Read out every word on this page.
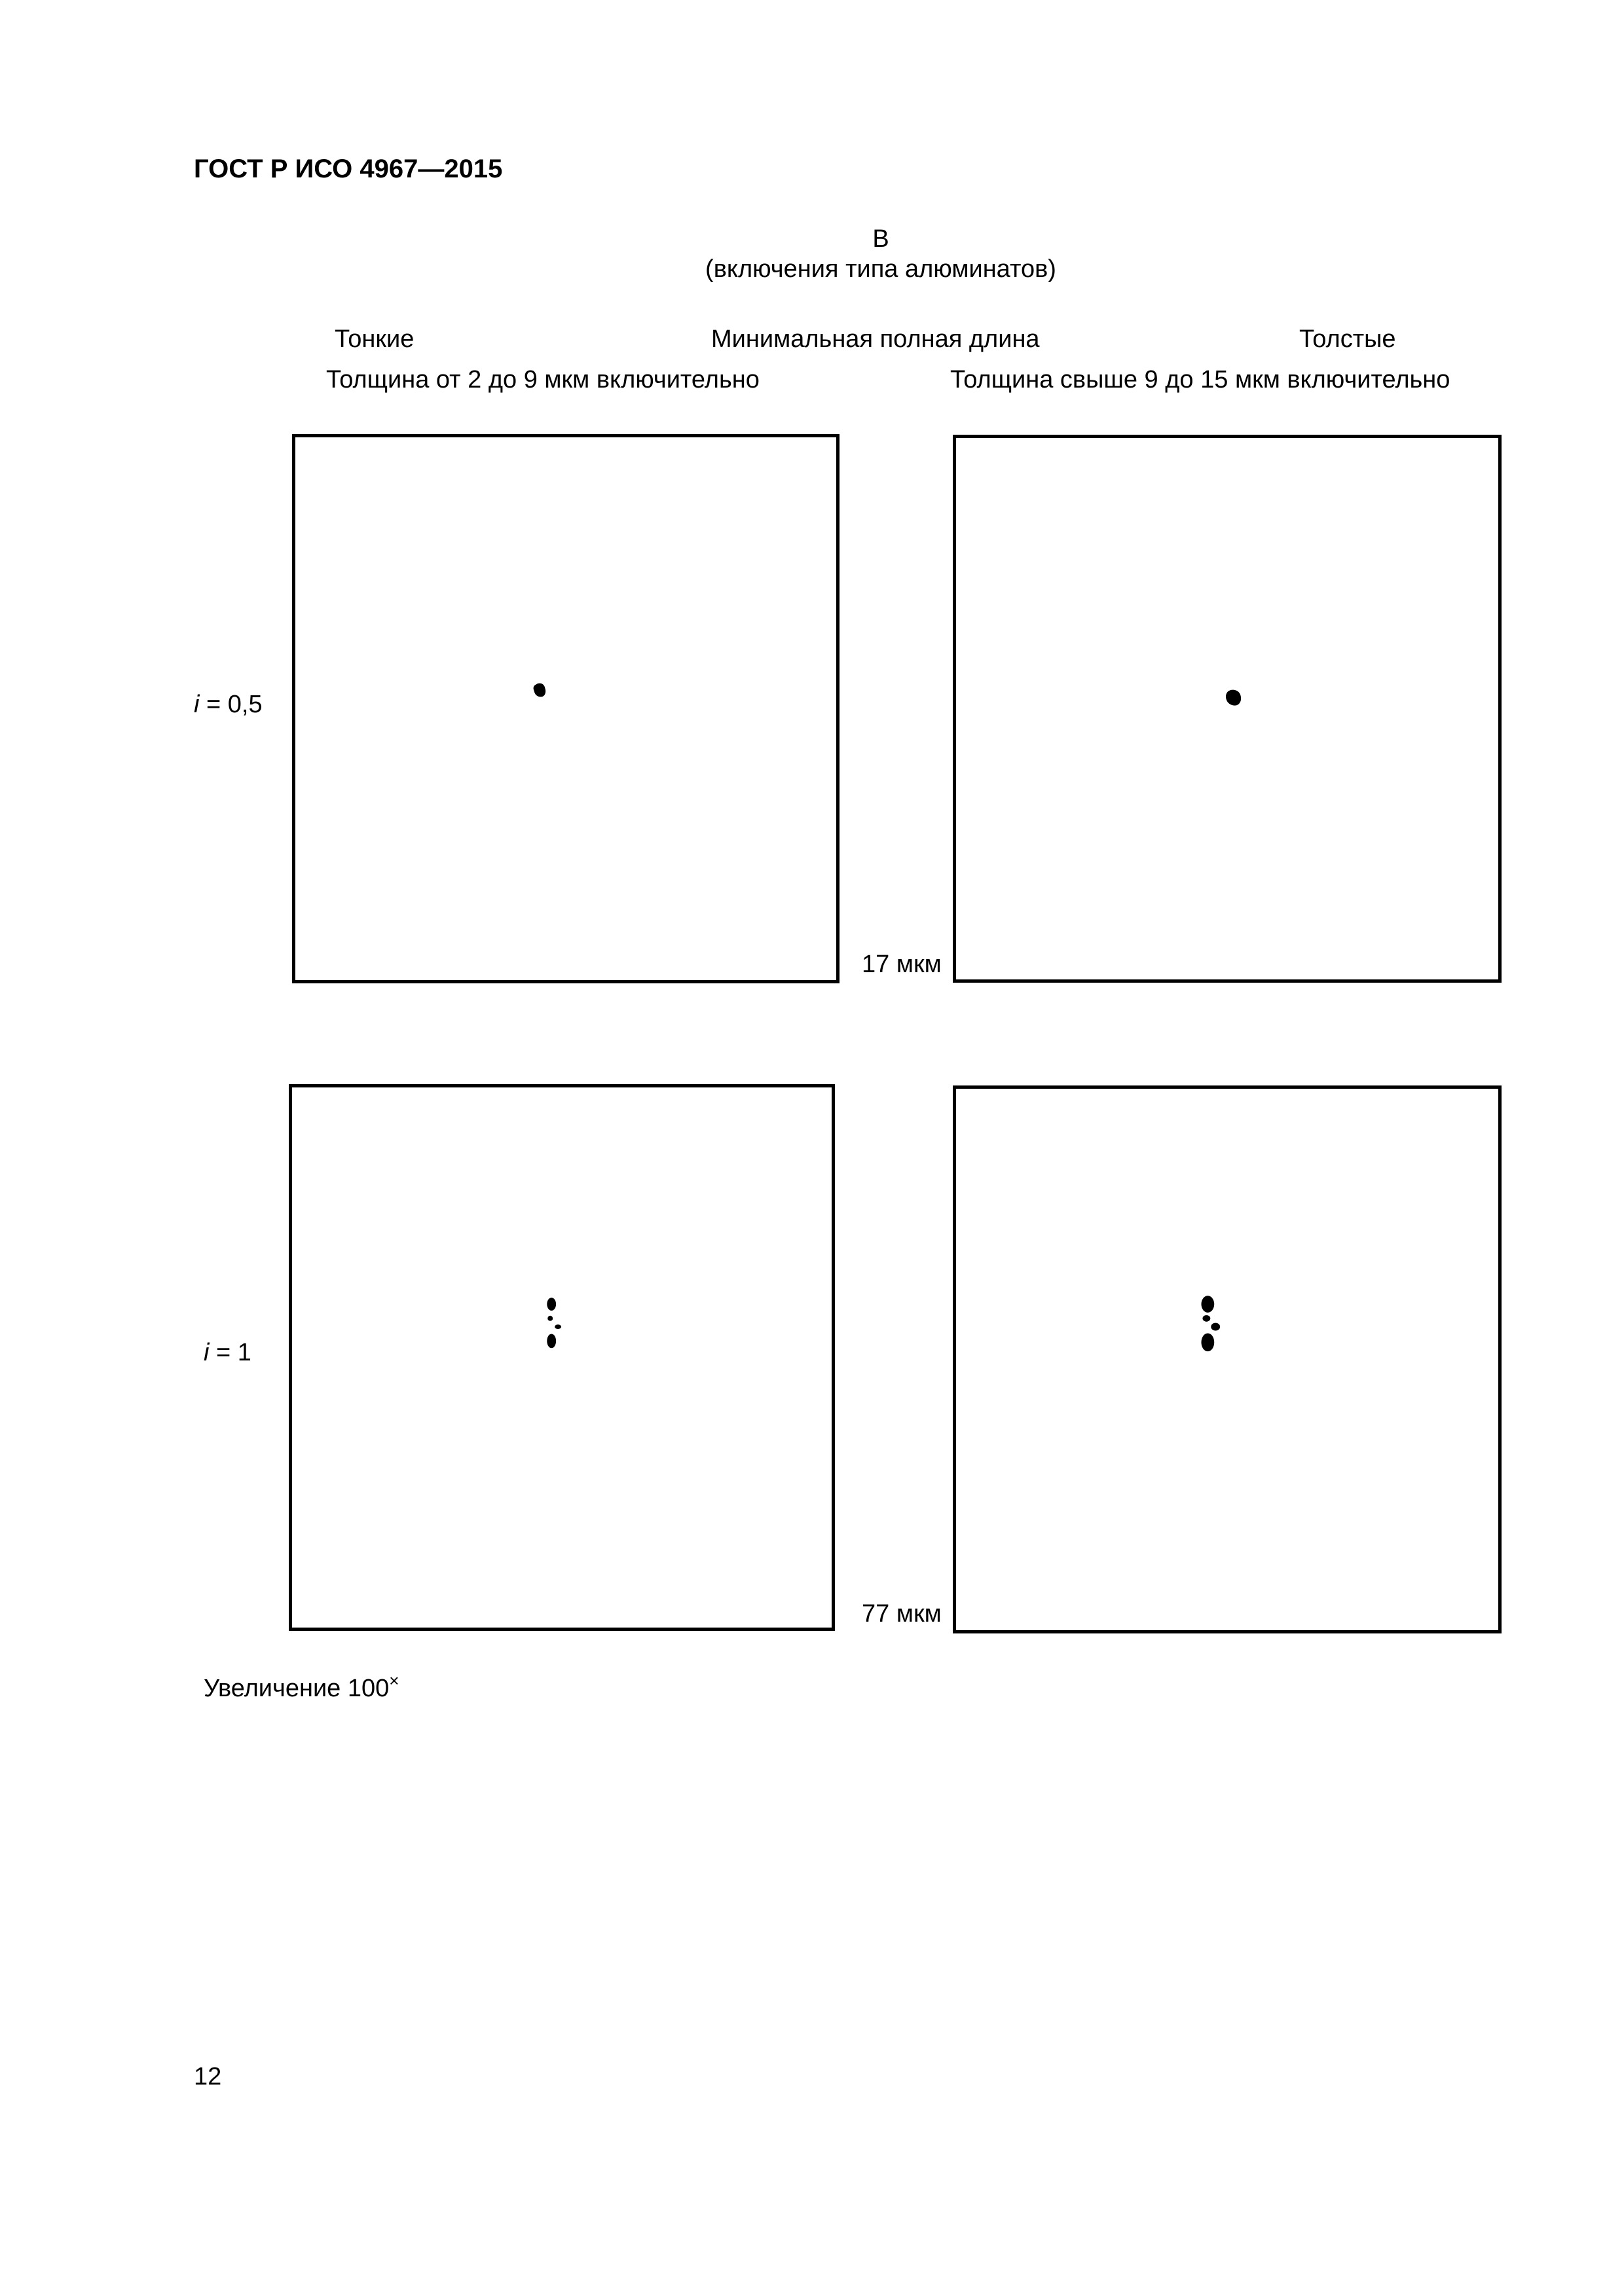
ГОСТ Р ИСО 4967—2015
B
(включения типа алюминатов)
Тонкие	Минимальная полная длина	Толстые
Толщина от 2 до 9 мкм включительно	Толщина свыше 9 до 15 мкм включительно
i = 0,5
17 мкм
i = 1
77 мкм
Увеличение 100×
12
